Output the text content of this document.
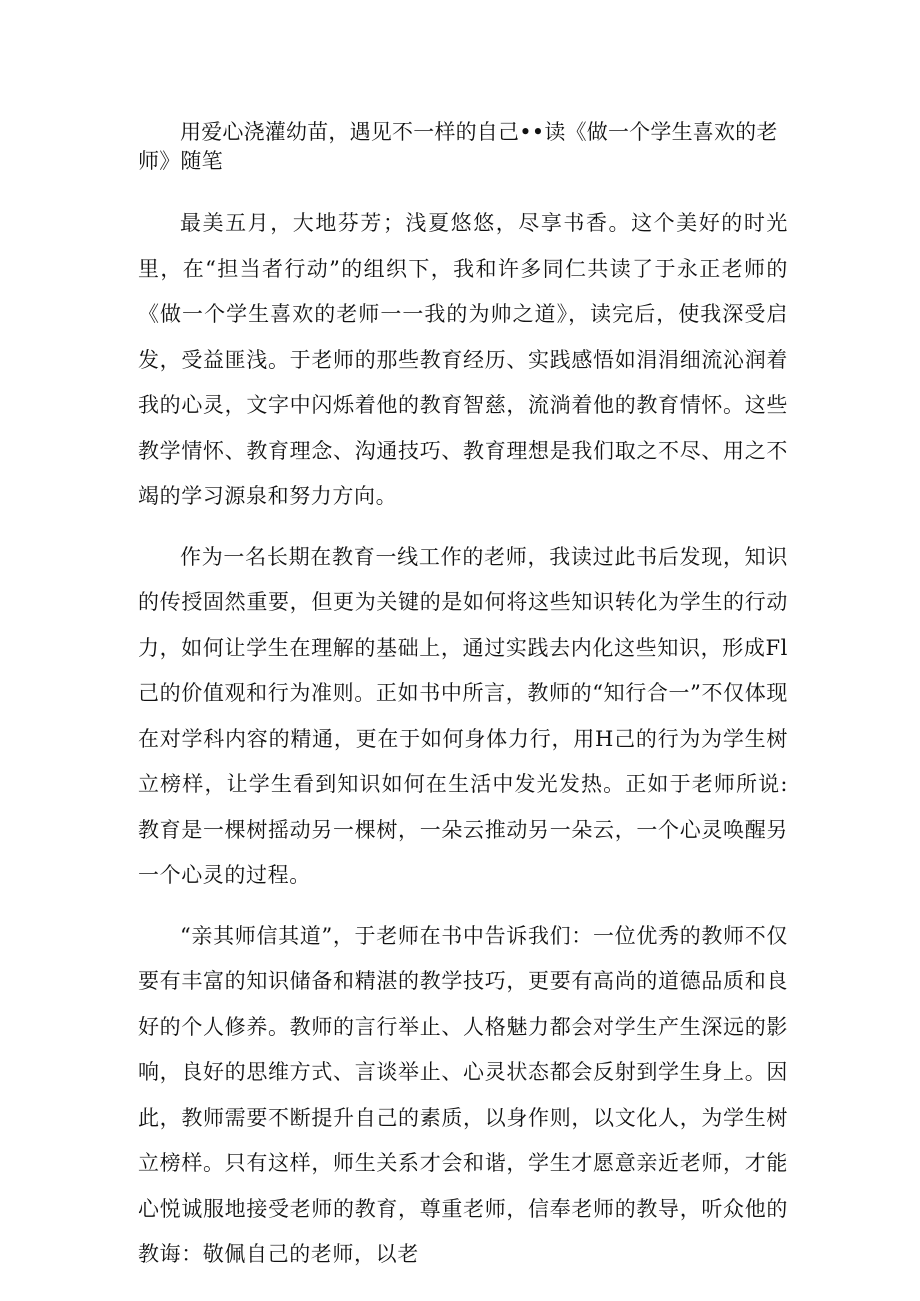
用爱心浇灌幼苗，遇见不一样的自己••读《做一个学生喜欢的老师》随笔

最美五月，大地芬芳；浅夏悠悠，尽享书香。这个美好的时光里，在“担当者行动”的组织下，我和许多同仁共读了于永正老师的《做一个学生喜欢的老师一一我的为帅之道》，读完后，使我深受启发，受益匪浅。于老师的那些教育经历、实践感悟如涓涓细流沁润着我的心灵，文字中闪烁着他的教育智慈，流淌着他的教育情怀。这些教学情怀、教育理念、沟通技巧、教育理想是我们取之不尽、用之不竭的学习源泉和努力方向。

作为一名长期在教育一线工作的老师，我读过此书后发现，知识的传授固然重要，但更为关键的是如何将这些知识转化为学生的行动力，如何让学生在理解的基础上，通过实践去内化这些知识，形成Fl己的价值观和行为准则。正如书中所言，教师的“知行合一”不仅体现在对学科内容的精通，更在于如何身体力行，用H己的行为为学生树立榜样，让学生看到知识如何在生活中发光发热。正如于老师所说:教育是一棵树摇动另一棵树，一朵云推动另一朵云，一个心灵唤醒另一个心灵的过程。

“亲其师信其道”，于老师在书中告诉我们：一位优秀的教师不仅要有丰富的知识储备和精湛的教学技巧，更要有高尚的道德品质和良好的个人修养。教师的言行举止、人格魅力都会对学生产生深远的影响，良好的思维方式、言谈举止、心灵状态都会反射到学生身上。因此，教师需要不断提升自己的素质，以身作则，以文化人，为学生树立榜样。只有这样，师生关系才会和谐，学生才愿意亲近老师，才能心悦诚服地接受老师的教育，尊重老师，信奉老师的教导，听众他的教诲：敬佩自己的老师，以老
